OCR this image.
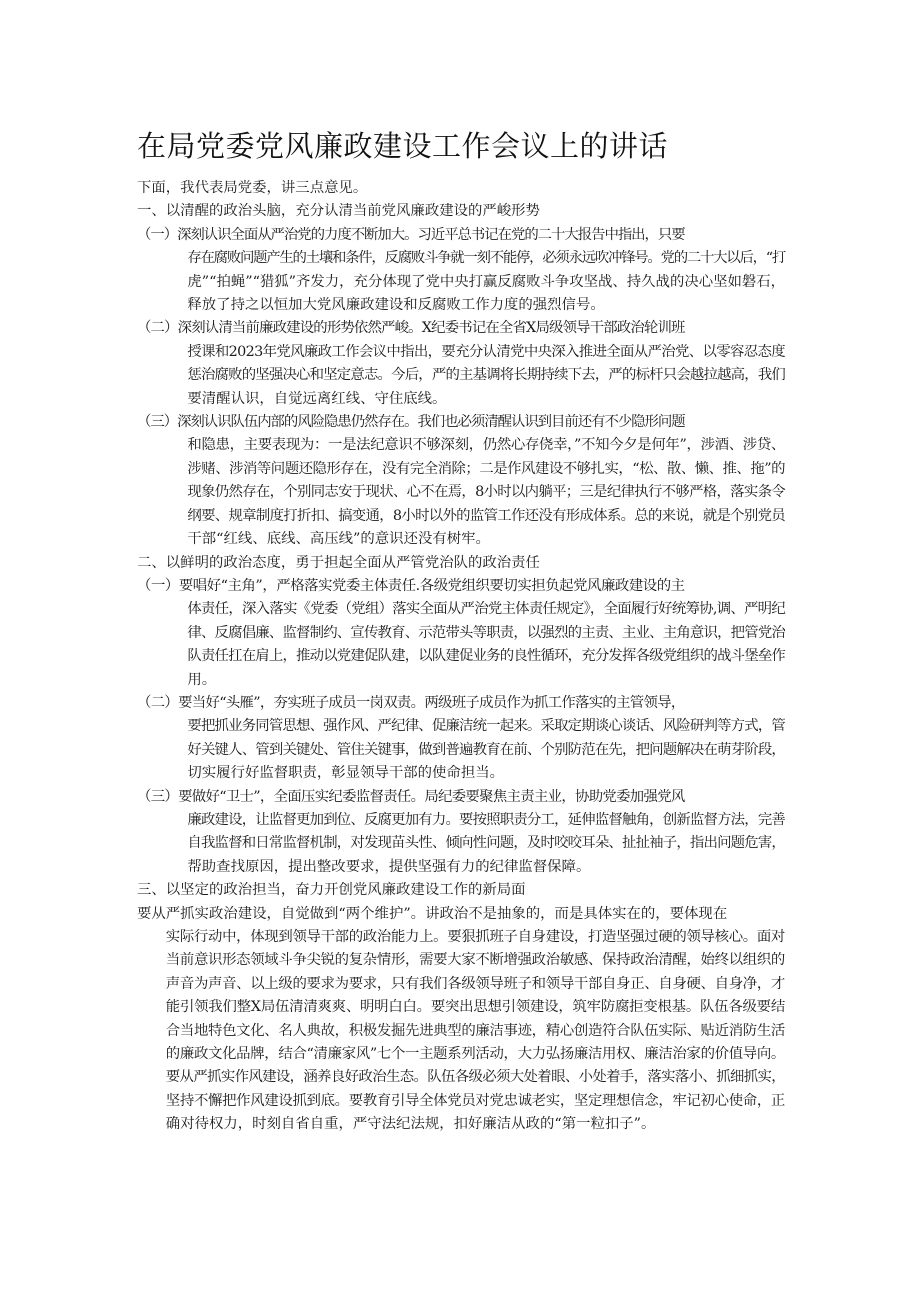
在局党委党风廉政建设工作会议上的讲话

下面，我代表局党委，讲三点意见。

一、以清醒的政治头脑，充分认清当前党风廉政建设的严峻形势

（一）深刻认识全面从严治党的力度不断加大。习近平总书记在党的二十大报告中指出，只要
存在腐败问题产生的土壤和条件，反腐败斗争就一刻不能停，必须永远吹冲锋号。党的二十大以后，“打
虎”“拍蝇”“猎狐”齐发力，充分体现了党中央打赢反腐败斗争攻坚战、持久战的决心坚如磐石，
释放了持之以恒加大党风廉政建设和反腐败工作力度的强烈信号。

（二）深刻认清当前廉政建设的形势依然严峻。X纪委书记在全省X局级领导干部政治轮训班
授课和2023年党风廉政工作会议中指出，要充分认清党中央深入推进全面从严治党、以零容忍态度
惩治腐败的坚强决心和坚定意志。今后，严的主基调将长期持续下去，严的标杆只会越拉越高，我们
要清醒认识，自觉远离红线、守住底线。

（三）深刻认识队伍内部的风险隐患仍然存在。我们也必须清醒认识到目前还有不少隐形问题
和隐患，主要表现为：一是法纪意识不够深刻，仍然心存侥幸，”不知今夕是何年”，涉酒、涉贷、
涉赌、涉消等问题还隐形存在，没有完全消除；二是作风建设不够扎实，“松、散、懒、推、拖”的
现象仍然存在，个别同志安于现状、心不在焉，8小时以内躺平；三是纪律执行不够严格，落实条令
纲要、规章制度打折扣、搞变通，8小时以外的监管工作还没有形成体系。总的来说，就是个别党员
干部“红线、底线、高压线”的意识还没有树牢。

二、以鲜明的政治态度，勇于担起全面从严管党治队的政治责任

（一）要唱好“主角”，严格落实党委主体责任.各级党组织要切实担负起党风廉政建设的主
体责任，深入落实《党委（党组）落实全面从严治党主体责任规定》，全面履行好统筹协,调、严明纪
律、反腐倡廉、监督制约、宣传教育、示范带头等职责，以强烈的主责、主业、主角意识，把管党治
队责任扛在肩上，推动以党建促队建，以队建促业务的良性循环，充分发挥各级党组织的战斗堡垒作
用。

（二）要当好“头雁”，夯实班子成员一岗双责。两级班子成员作为抓工作落实的主管领导，
要把抓业务同管思想、强作风、严纪律、促廉洁统一起来。采取定期谈心谈话、风险研判等方式，管
好关键人、管到关键处、管住关键事，做到普遍教育在前、个别防范在先，把问题解决在萌芽阶段，
切实履行好监督职责，彰显领导干部的使命担当。

（三）要做好“卫士”，全面压实纪委监督责任。局纪委要聚焦主责主业，协助党委加强党风
廉政建设，让监督更加到位、反腐更加有力。要按照职责分工，延伸监督触角，创新监督方法，完善
自我监督和日常监督机制，对发现苗头性、倾向性问题，及时咬咬耳朵、扯扯袖子，指出问题危害，
帮助查找原因，提出整改要求，提供坚强有力的纪律监督保障。

三、以坚定的政治担当，奋力开创党风廉政建设工作的新局面

要从严抓实政治建设，自觉做到“两个维护”。讲政治不是抽象的，而是具体实在的，要体现在
实际行动中，体现到领导干部的政治能力上。要狠抓班子自身建设，打造坚强过硬的领导核心。面对
当前意识形态领域斗争尖锐的复杂情形，需要大家不断增强政治敏感、保持政治清醒，始终以组织的
声音为声音、以上级的要求为要求，只有我们各级领导班子和领导干部自身正、自身硬、自身净，才
能引领我们整X局伍清清爽爽、明明白白。要突出思想引领建设，筑牢防腐拒变根基。队伍各级要结
合当地特色文化、名人典故，积极发掘先进典型的廉洁事迹，精心创造符合队伍实际、贴近消防生活
的廉政文化品牌，结合“清廉家风”七个一主题系列活动，大力弘扬廉洁用权、廉洁治家的价值导向。
要从严抓实作风建设，涵养良好政治生态。队伍各级必须大处着眼、小处着手，落实落小、抓细抓实，
坚持不懈把作风建设抓到底。要教育引导全体党员对党忠诚老实，坚定理想信念，牢记初心使命，正
确对待权力，时刻自省自重，严守法纪法规，扣好廉洁从政的“第一粒扣子”。
